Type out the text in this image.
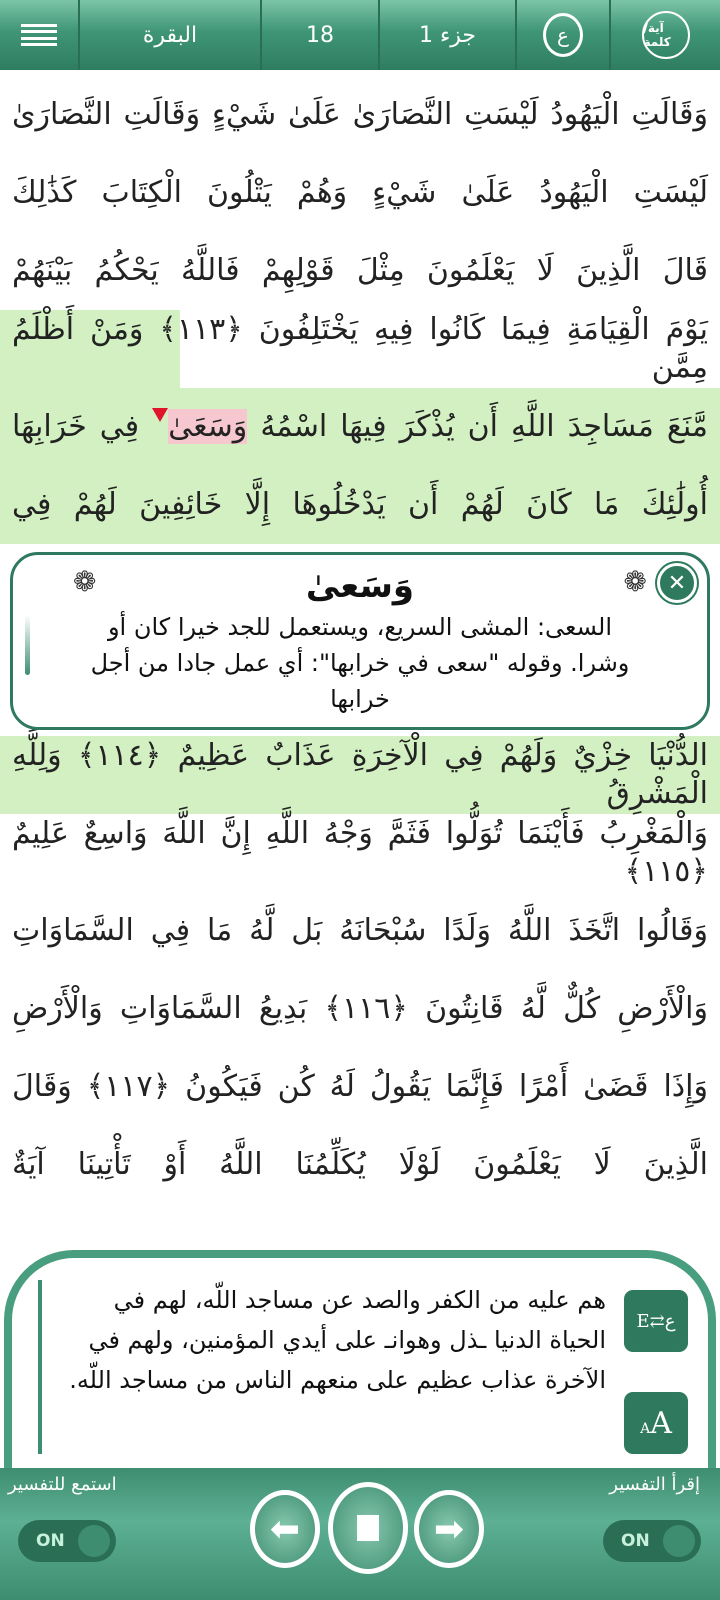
البقرة	18	جزء 1	ع	آية/كلمة
وَقَالَتِ الْيَهُودُ لَيْسَتِ النَّصَارَىٰ عَلَىٰ شَيْءٍ وَقَالَتِ النَّصَارَىٰ
لَيْسَتِ الْيَهُودُ عَلَىٰ شَيْءٍ وَهُمْ يَتْلُونَ الْكِتَابَ كَذَٰلِكَ
قَالَ الَّذِينَ لَا يَعْلَمُونَ مِثْلَ قَوْلِهِمْ فَاللَّهُ يَحْكُمُ بَيْنَهُمْ
يَوْمَ الْقِيَامَةِ فِيمَا كَانُوا فِيهِ يَخْتَلِفُونَ ﴿١١٣﴾ وَمَنْ أَظْلَمُ مِمَّن
مَّنَعَ مَسَاجِدَ اللَّهِ أَن يُذْكَرَ فِيهَا اسْمُهُ وَسَعَىٰ فِي خَرَابِهَا
أُولَٰئِكَ مَا كَانَ لَهُمْ أَن يَدْخُلُوهَا إِلَّا خَائِفِينَ لَهُمْ فِي
❁	❁
وَسَعىٰ

السعى: المشى السريع، ويستعمل للجد خيرا كان أو وشرا. وقوله "سعى في خرابها": أي عمل جادا من أجل خرابها

✕
الدُّنْيَا خِزْيٌ وَلَهُمْ فِي الْآخِرَةِ عَذَابٌ عَظِيمٌ ﴿١١٤﴾ وَلِلَّهِ الْمَشْرِقُ
وَالْمَغْرِبُ فَأَيْنَمَا تُوَلُّوا فَثَمَّ وَجْهُ اللَّهِ إِنَّ اللَّهَ وَاسِعٌ عَلِيمٌ ﴿١١٥﴾
وَقَالُوا اتَّخَذَ اللَّهُ وَلَدًا سُبْحَانَهُ بَل لَّهُ مَا فِي السَّمَاوَاتِ
وَالْأَرْضِ كُلٌّ لَّهُ قَانِتُونَ ﴿١١٦﴾ بَدِيعُ السَّمَاوَاتِ وَالْأَرْضِ
وَإِذَا قَضَىٰ أَمْرًا فَإِنَّمَا يَقُولُ لَهُ كُن فَيَكُونُ ﴿١١٧﴾ وَقَالَ
الَّذِينَ لَا يَعْلَمُونَ لَوْلَا يُكَلِّمُنَا اللَّهُ أَوْ تَأْتِينَا آيَةٌ
هم عليه من الكفر والصد عن مساجد اللّه، لهم في الحياة الدنيا ـذل وهوانـ على أيدي المؤمنين، ولهم في الآخرة عذاب عظيم على منعهم الناس من مساجد اللّه.
E⇄ع
AA
إقرأ التفسير
استمع للتفسير
ON	ON
⬅	➡
